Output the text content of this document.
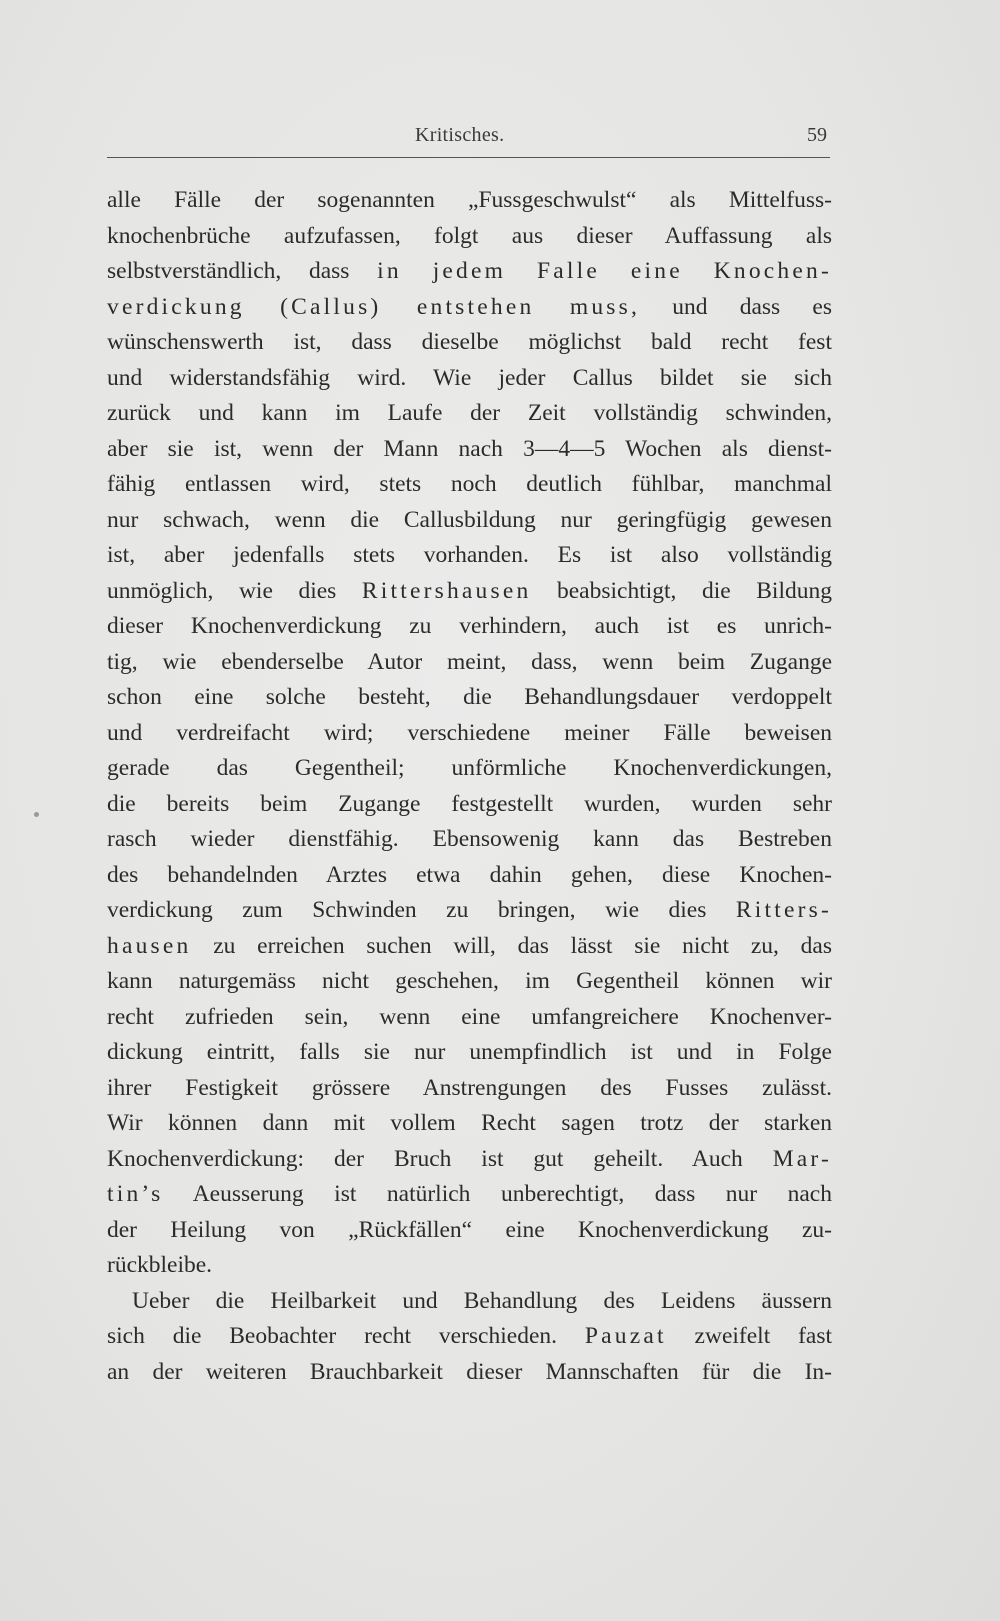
Kritisches.	59
alle Fälle der sogenannten „Fussgeschwulst“ als Mittelfuss-
knochenbrüche aufzufassen, folgt aus dieser Auffassung als
selbstverständlich, dass in jedem Falle eine Knochen-
verdickung (Callus) entstehen muss, und dass es
wünschenswerth ist, dass dieselbe möglichst bald recht fest
und widerstandsfähig wird. Wie jeder Callus bildet sie sich
zurück und kann im Laufe der Zeit vollständig schwinden,
aber sie ist, wenn der Mann nach 3—4—5 Wochen als dienst-
fähig entlassen wird, stets noch deutlich fühlbar, manchmal
nur schwach, wenn die Callusbildung nur geringfügig gewesen
ist, aber jedenfalls stets vorhanden. Es ist also vollständig
unmöglich, wie dies Rittershausen beabsichtigt, die Bildung
dieser Knochenverdickung zu verhindern, auch ist es unrich-
tig, wie ebenderselbe Autor meint, dass, wenn beim Zugange
schon eine solche besteht, die Behandlungsdauer verdoppelt
und verdreifacht wird; verschiedene meiner Fälle beweisen
gerade das Gegentheil; unförmliche Knochenverdickungen,
die bereits beim Zugange festgestellt wurden, wurden sehr
rasch wieder dienstfähig. Ebensowenig kann das Bestreben
des behandelnden Arztes etwa dahin gehen, diese Knochen-
verdickung zum Schwinden zu bringen, wie dies Ritters-
hausen zu erreichen suchen will, das lässt sie nicht zu, das
kann naturgemäss nicht geschehen, im Gegentheil können wir
recht zufrieden sein, wenn eine umfangreichere Knochenver-
dickung eintritt, falls sie nur unempfindlich ist und in Folge
ihrer Festigkeit grössere Anstrengungen des Fusses zulässt.
Wir können dann mit vollem Recht sagen trotz der starken
Knochenverdickung: der Bruch ist gut geheilt. Auch Mar-
tin’s Aeusserung ist natürlich unberechtigt, dass nur nach
der Heilung von „Rückfällen“ eine Knochenverdickung zu-
rückbleibe.
Ueber die Heilbarkeit und Behandlung des Leidens äussern
sich die Beobachter recht verschieden. Pauzat zweifelt fast
an der weiteren Brauchbarkeit dieser Mannschaften für die In-
